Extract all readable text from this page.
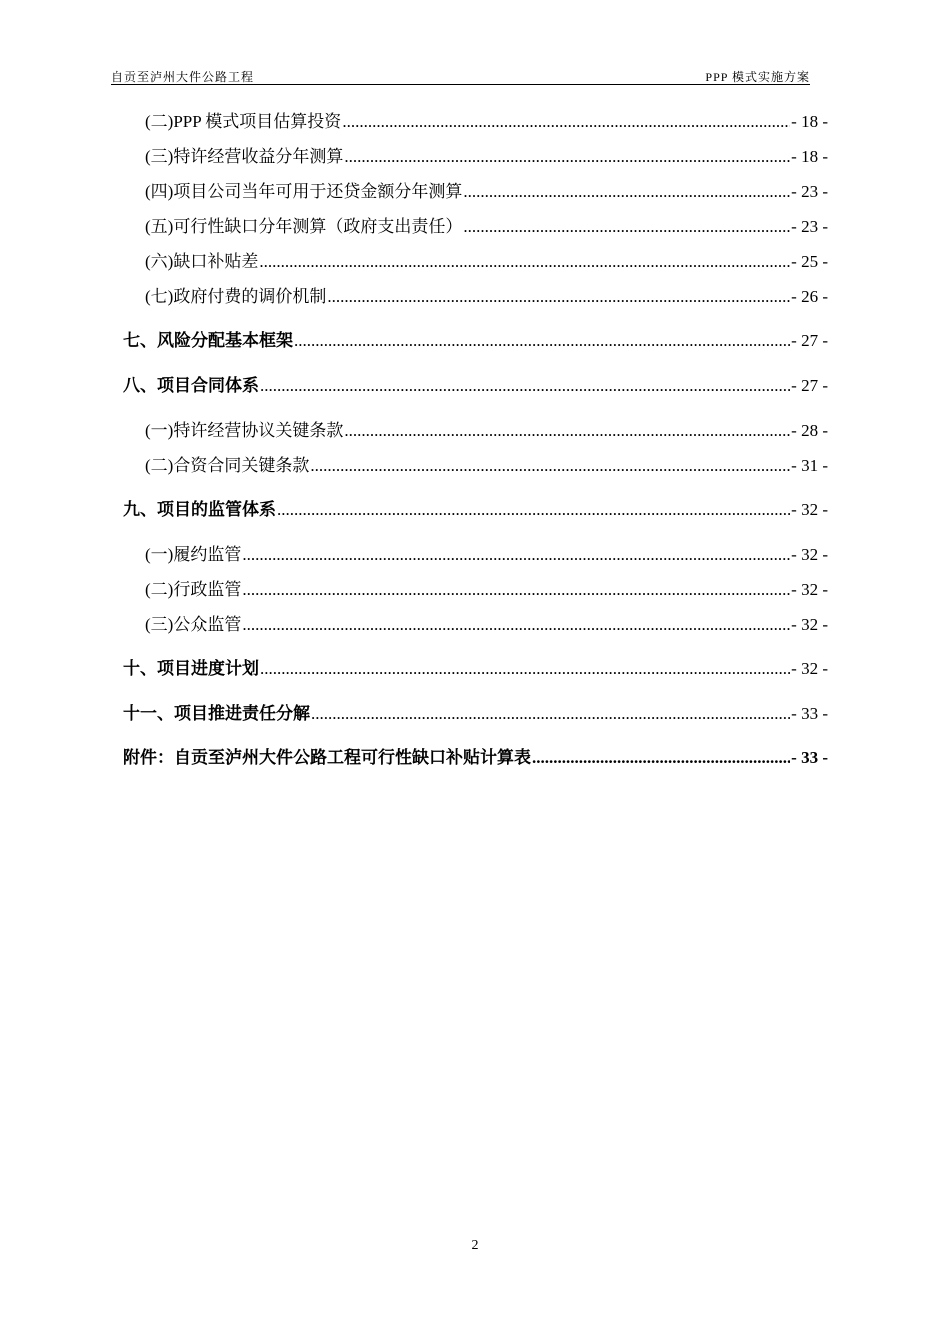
自贡至泸州大件公路工程	PPP 模式实施方案
(二) PPP 模式项目估算投资 .....	- 18 -
(三) 特许经营收益分年测算 .....	- 18 -
(四) 项目公司当年可用于还贷金额分年测算 .....	- 23 -
(五) 可行性缺口分年测算（政府支出责任） .....	- 23 -
(六) 缺口补贴差 .....	- 25 -
(七) 政府付费的调价机制 .....	- 26 -
七、风险分配基本框架 .....	- 27 -
八、项目合同体系 .....	- 27 -
(一) 特许经营协议关键条款 .....	- 28 -
(二) 合资合同关键条款 .....	- 31 -
九、项目的监管体系 .....	- 32 -
(一) 履约监管 .....	- 32 -
(二) 行政监管 .....	- 32 -
(三) 公众监管 .....	- 32 -
十、项目进度计划 .....	- 32 -
十一、项目推进责任分解 .....	- 33 -
附件：自贡至泸州大件公路工程可行性缺口补贴计算表 .....	- 33 -
2
